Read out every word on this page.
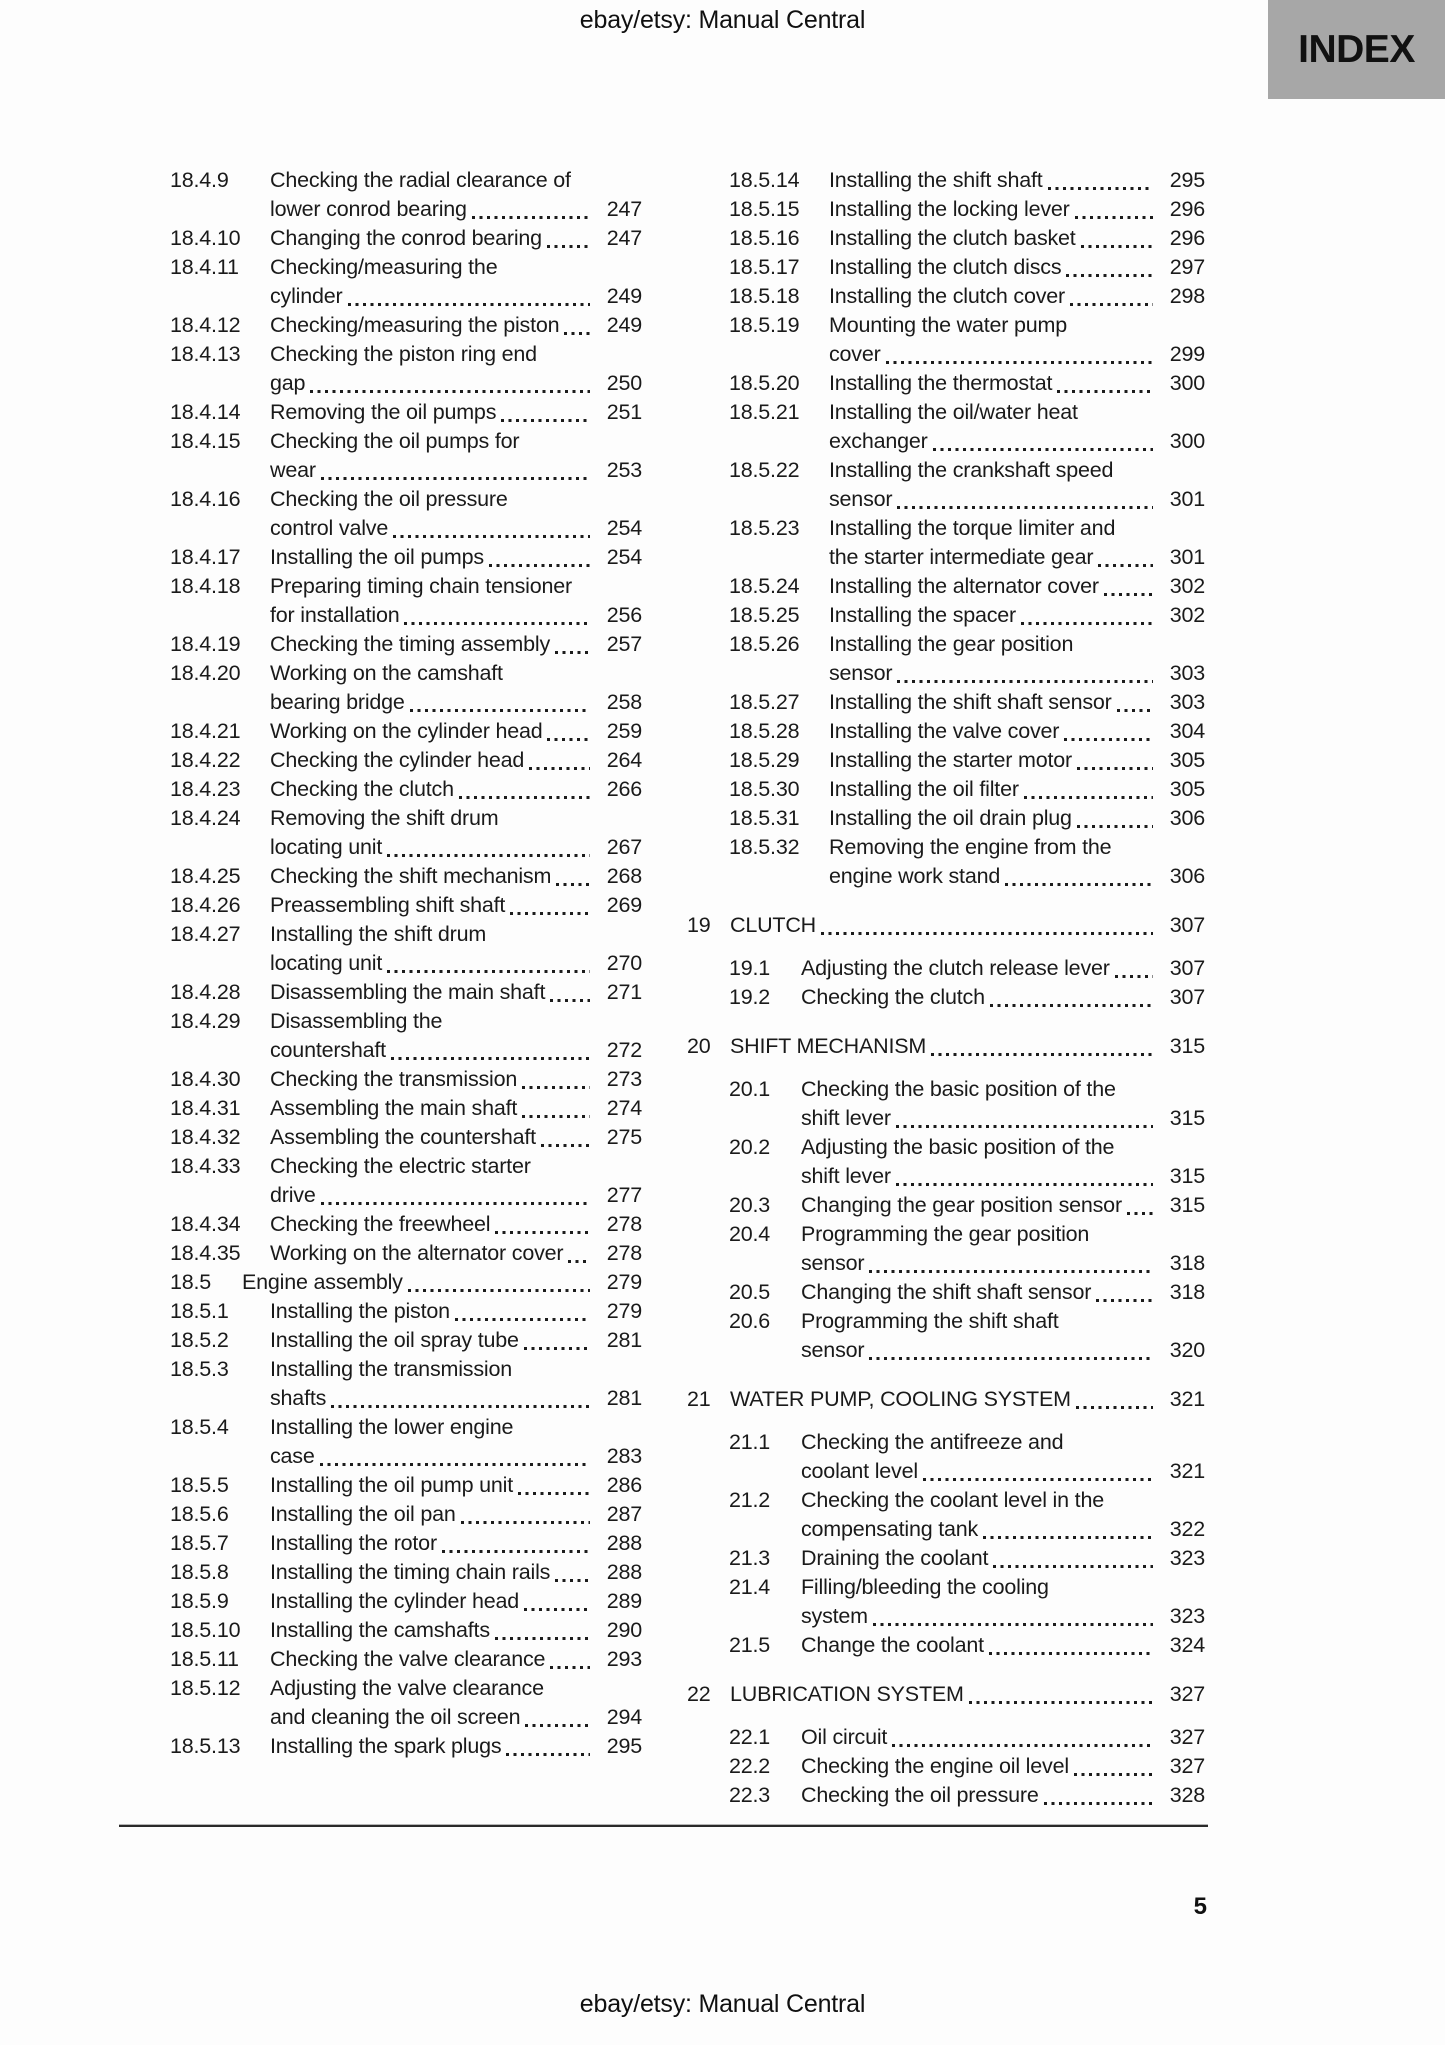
ebay/etsy: Manual Central
INDEX
18.4.9	Checking the radial clearance of
lower conrod bearing	247
18.4.10	Changing the conrod bearing	247
18.4.11	Checking/measuring the
cylinder	249
18.4.12	Checking/measuring the piston	249
18.4.13	Checking the piston ring end
gap	250
18.4.14	Removing the oil pumps	251
18.4.15	Checking the oil pumps for
wear	253
18.4.16	Checking the oil pressure
control valve	254
18.4.17	Installing the oil pumps	254
18.4.18	Preparing timing chain tensioner
for installation	256
18.4.19	Checking the timing assembly	257
18.4.20	Working on the camshaft
bearing bridge	258
18.4.21	Working on the cylinder head	259
18.4.22	Checking the cylinder head	264
18.4.23	Checking the clutch	266
18.4.24	Removing the shift drum
locating unit	267
18.4.25	Checking the shift mechanism	268
18.4.26	Preassembling shift shaft	269
18.4.27	Installing the shift drum
locating unit	270
18.4.28	Disassembling the main shaft	271
18.4.29	Disassembling the
countershaft	272
18.4.30	Checking the transmission	273
18.4.31	Assembling the main shaft	274
18.4.32	Assembling the countershaft	275
18.4.33	Checking the electric starter
drive	277
18.4.34	Checking the freewheel	278
18.4.35	Working on the alternator cover	278
18.5	Engine assembly	279
18.5.1	Installing the piston	279
18.5.2	Installing the oil spray tube	281
18.5.3	Installing the transmission
shafts	281
18.5.4	Installing the lower engine
case	283
18.5.5	Installing the oil pump unit	286
18.5.6	Installing the oil pan	287
18.5.7	Installing the rotor	288
18.5.8	Installing the timing chain rails	288
18.5.9	Installing the cylinder head	289
18.5.10	Installing the camshafts	290
18.5.11	Checking the valve clearance	293
18.5.12	Adjusting the valve clearance
and cleaning the oil screen	294
18.5.13	Installing the spark plugs	295
18.5.14	Installing the shift shaft	295
18.5.15	Installing the locking lever	296
18.5.16	Installing the clutch basket	296
18.5.17	Installing the clutch discs	297
18.5.18	Installing the clutch cover	298
18.5.19	Mounting the water pump
cover	299
18.5.20	Installing the thermostat	300
18.5.21	Installing the oil/water heat
exchanger	300
18.5.22	Installing the crankshaft speed
sensor	301
18.5.23	Installing the torque limiter and
the starter intermediate gear	301
18.5.24	Installing the alternator cover	302
18.5.25	Installing the spacer	302
18.5.26	Installing the gear position
sensor	303
18.5.27	Installing the shift shaft sensor	303
18.5.28	Installing the valve cover	304
18.5.29	Installing the starter motor	305
18.5.30	Installing the oil filter	305
18.5.31	Installing the oil drain plug	306
18.5.32	Removing the engine from the
engine work stand	306
19 CLUTCH	307
19.1	Adjusting the clutch release lever	307
19.2	Checking the clutch	307
20 SHIFT MECHANISM	315
20.1	Checking the basic position of the
shift lever	315
20.2	Adjusting the basic position of the
shift lever	315
20.3	Changing the gear position sensor	315
20.4	Programming the gear position
sensor	318
20.5	Changing the shift shaft sensor	318
20.6	Programming the shift shaft
sensor	320
21 WATER PUMP, COOLING SYSTEM	321
21.1	Checking the antifreeze and
coolant level	321
21.2	Checking the coolant level in the
compensating tank	322
21.3	Draining the coolant	323
21.4	Filling/bleeding the cooling
system	323
21.5	Change the coolant	324
22 LUBRICATION SYSTEM	327
22.1	Oil circuit	327
22.2	Checking the engine oil level	327
22.3	Checking the oil pressure	328
5
ebay/etsy: Manual Central
